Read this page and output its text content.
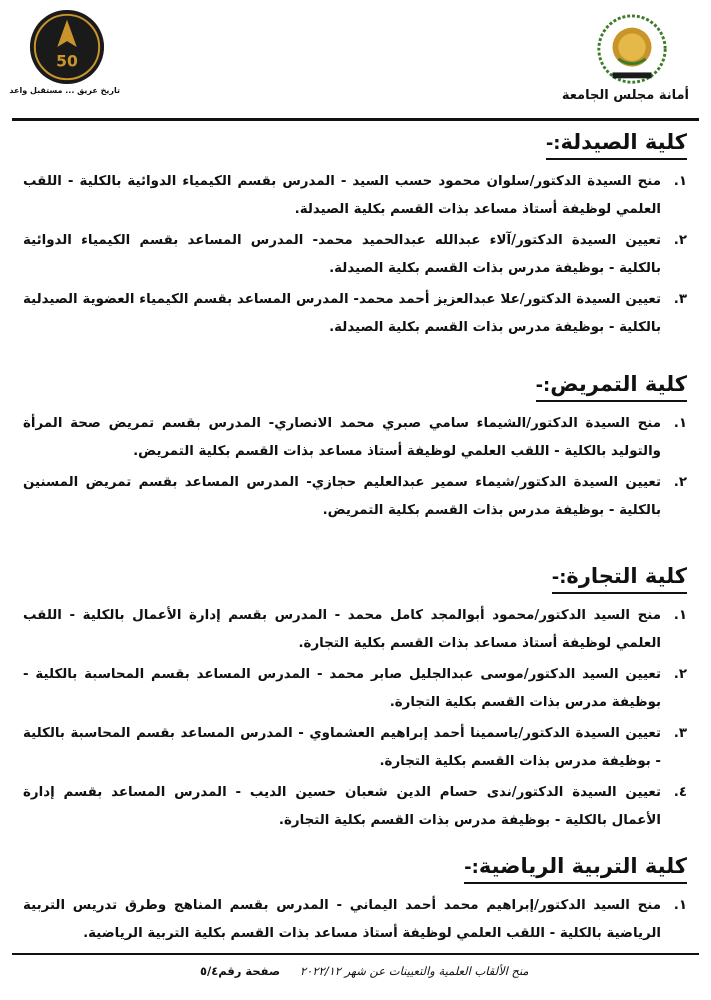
أمانة مجلس الجامعة
50
تاريخ عريق ... مستقبل واعد
كلية الصيدلة:-
١.
منح السيدة الدكتور/سلوان محمود حسب السيد - المدرس بقسم الكيمياء الدوائية بالكلية - اللقب العلمي لوظيفة أستاذ مساعد بذات القسم بكلية الصيدلة.
٢.
تعيين السيدة الدكتور/آلاء عبدالله عبدالحميد محمد- المدرس المساعد بقسم الكيمياء الدوائية بالكلية - بوظيفة مدرس بذات القسم بكلية الصيدلة.
٣.
تعيين السيدة الدكتور/علا عبدالعزيز أحمد محمد- المدرس المساعد بقسم الكيمياء العضوية الصيدلية بالكلية - بوظيفة مدرس بذات القسم بكلية الصيدلة.
كلية التمريض:-
١.
منح السيدة الدكتور/الشيماء سامي صبري محمد الانصاري- المدرس بقسم تمريض صحة المرأة والتوليد بالكلية - اللقب العلمي لوظيفة أستاذ مساعد بذات القسم بكلية التمريض.
٢.
تعيين السيدة الدكتور/شيماء سمير عبدالعليم حجازي- المدرس المساعد بقسم تمريض المسنين بالكلية - بوظيفة مدرس بذات القسم بكلية التمريض.
كلية التجارة:-
١.
منح السيد الدكتور/محمود أبوالمجد كامل محمد - المدرس بقسم إدارة الأعمال بالكلية - اللقب العلمي لوظيفة أستاذ مساعد بذات القسم بكلية التجارة.
٢.
تعيين السيد الدكتور/موسى عبدالجليل صابر محمد - المدرس المساعد بقسم المحاسبة بالكلية - بوظيفة مدرس بذات القسم بكلية التجارة.
٣.
تعيين السيدة الدكتور/ياسمينا أحمد إبراهيم العشماوي - المدرس المساعد بقسم المحاسبة بالكلية - بوظيفة مدرس بذات القسم بكلية التجارة.
٤.
تعيين السيدة الدكتور/ندى حسام الدين شعبان حسين الديب - المدرس المساعد بقسم إدارة الأعمال بالكلية - بوظيفة مدرس بذات القسم بكلية التجارة.
كلية التربية الرياضية:-
١.
منح السيد الدكتور/إبراهيم محمد أحمد اليماني - المدرس بقسم المناهج وطرق تدريس التربية الرياضية بالكلية - اللقب العلمي لوظيفة أستاذ مساعد بذات القسم بكلية التربية الرياضية.
منح الألقاب العلمية والتعيينات عن شهر ٢٠٢٢/١٢
صفحة رقم٥/٤
